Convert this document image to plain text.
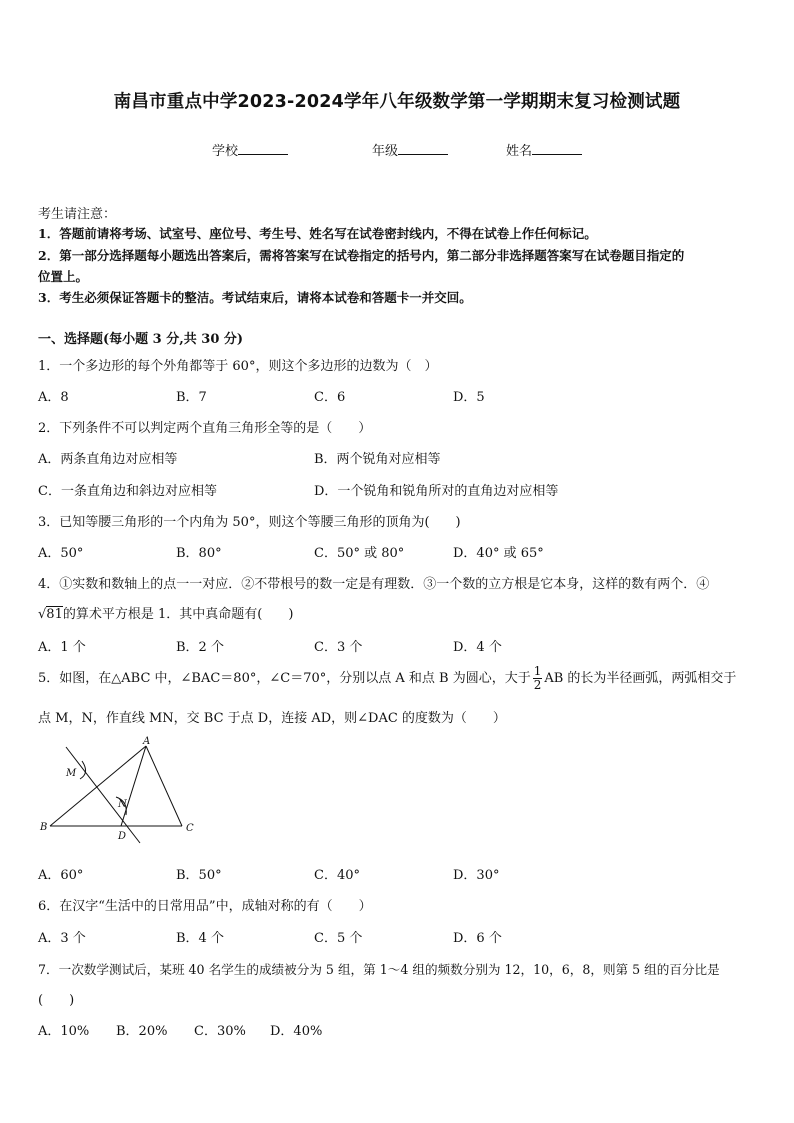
南昌市重点中学2023-2024学年八年级数学第一学期期末复习检测试题
学校	年级	姓名
考生请注意：
1．答题前请将考场、试室号、座位号、考生号、姓名写在试卷密封线内，不得在试卷上作任何标记。
2．第一部分选择题每小题选出答案后，需将答案写在试卷指定的括号内，第二部分非选择题答案写在试卷题目指定的
位置上。
3．考生必须保证答题卡的整洁。考试结束后，请将本试卷和答题卡一并交回。
一、选择题(每小题 3 分,共 30 分)
1．一个多边形的每个外角都等于 60°，则这个多边形的边数为（　）
A．8	B．7	C．6	D．5
2．下列条件不可以判定两个直角三角形全等的是（　　）
A．两条直角边对应相等	B．两个锐角对应相等
C．一条直角边和斜边对应相等	D．一个锐角和锐角所对的直角边对应相等
3．已知等腰三角形的一个内角为 50°，则这个等腰三角形的顶角为(　　)
A．50°	B．80°	C．50° 或 80°	D．40° 或 65°
4．①实数和数轴上的点一一对应．②不带根号的数一定是有理数．③一个数的立方根是它本身，这样的数有两个．④
√81的算术平方根是 1．其中真命题有(　　)
A．1 个	B．2 个	C．3 个	D．4 个
5．如图，在△ABC 中，∠BAC＝80°，∠C＝70°，分别以点 A 和点 B 为圆心，大于 $\frac{1}{2}$ AB 的长为半径画弧，两弧相交于
点 M，N，作直线 MN，交 BC 于点 D，连接 AD，则∠DAC 的度数为（　　）
A
B	C
D
M
N
A．60°	B．50°	C．40°	D．30°
6．在汉字“生活中的日常用品”中，成轴对称的有（　　）
A．3 个	B．4 个	C．5 个	D．6 个
7．一次数学测试后，某班 40 名学生的成绩被分为 5 组，第 1～4 组的频数分别为 12，10，6，8，则第 5 组的百分比是
(　　)
A．10% B．20% C．30% D．40%
